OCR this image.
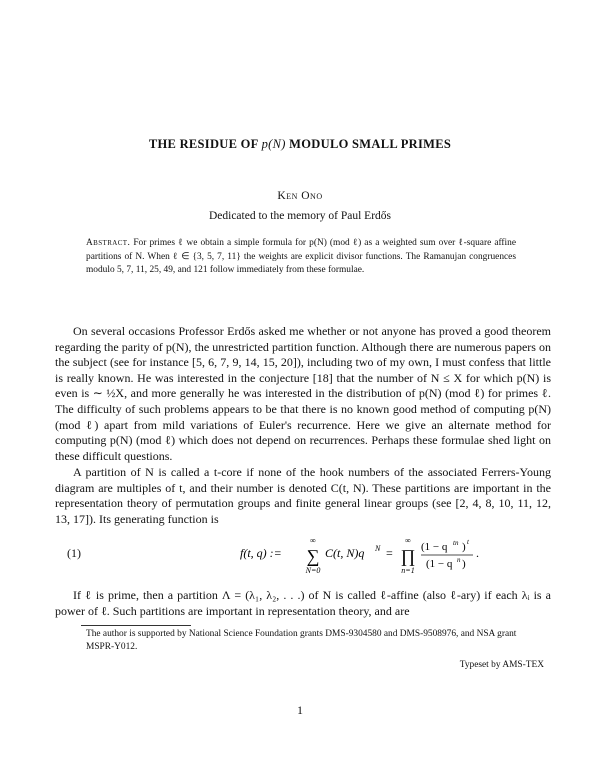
THE RESIDUE OF p(N) MODULO SMALL PRIMES
Ken Ono
Dedicated to the memory of Paul Erdős

Abstract. For primes ℓ we obtain a simple formula for p(N) (mod ℓ) as a weighted sum over ℓ-square affine partitions of N. When ℓ ∈ {3, 5, 7, 11} the weights are explicit divisor functions. The Ramanujan congruences modulo 5, 7, 11, 25, 49, and 121 follow immediately from these formulae.

On several occasions Professor Erdős asked me whether or not anyone has proved a good theorem regarding the parity of p(N), the unrestricted partition function. Although there are numerous papers on the subject (see for instance [5, 6, 7, 9, 14, 15, 20]), including two of my own, I must confess that little is really known. He was interested in the conjecture [18] that the number of N ≤ X for which p(N) is even is ∼ ½X, and more generally he was interested in the distribution of p(N) (mod ℓ) for primes ℓ. The difficulty of such problems appears to be that there is no known good method of computing p(N) (mod ℓ) apart from mild variations of Euler's recurrence. Here we give an alternate method for computing p(N) (mod ℓ) which does not depend on recurrences. Perhaps these formulae shed light on these difficult questions.

A partition of N is called a t-core if none of the hook numbers of the associated Ferrers-Young diagram are multiples of t, and their number is denoted C(t, N). These partitions are important in the representation theory of permutation groups and finite general linear groups (see [2, 4, 8, 10, 11, 12, 13, 17]). Its generating function is

(1)	f(t, q) :=
∞
∑
N=0
C(t, N)q N =
∞
∏
n=1
(1 − q tn ) t
(1 − q n )
.

If ℓ is prime, then a partition Λ = (λ₁, λ₂, . . .) of N is called ℓ-affine (also ℓ-ary) if each λᵢ is a power of ℓ. Such partitions are important in representation theory, and are

The author is supported by National Science Foundation grants DMS-9304580 and DMS-9508976, and NSA grant MSPR-Y012.

Typeset by AMS-TEX
1
